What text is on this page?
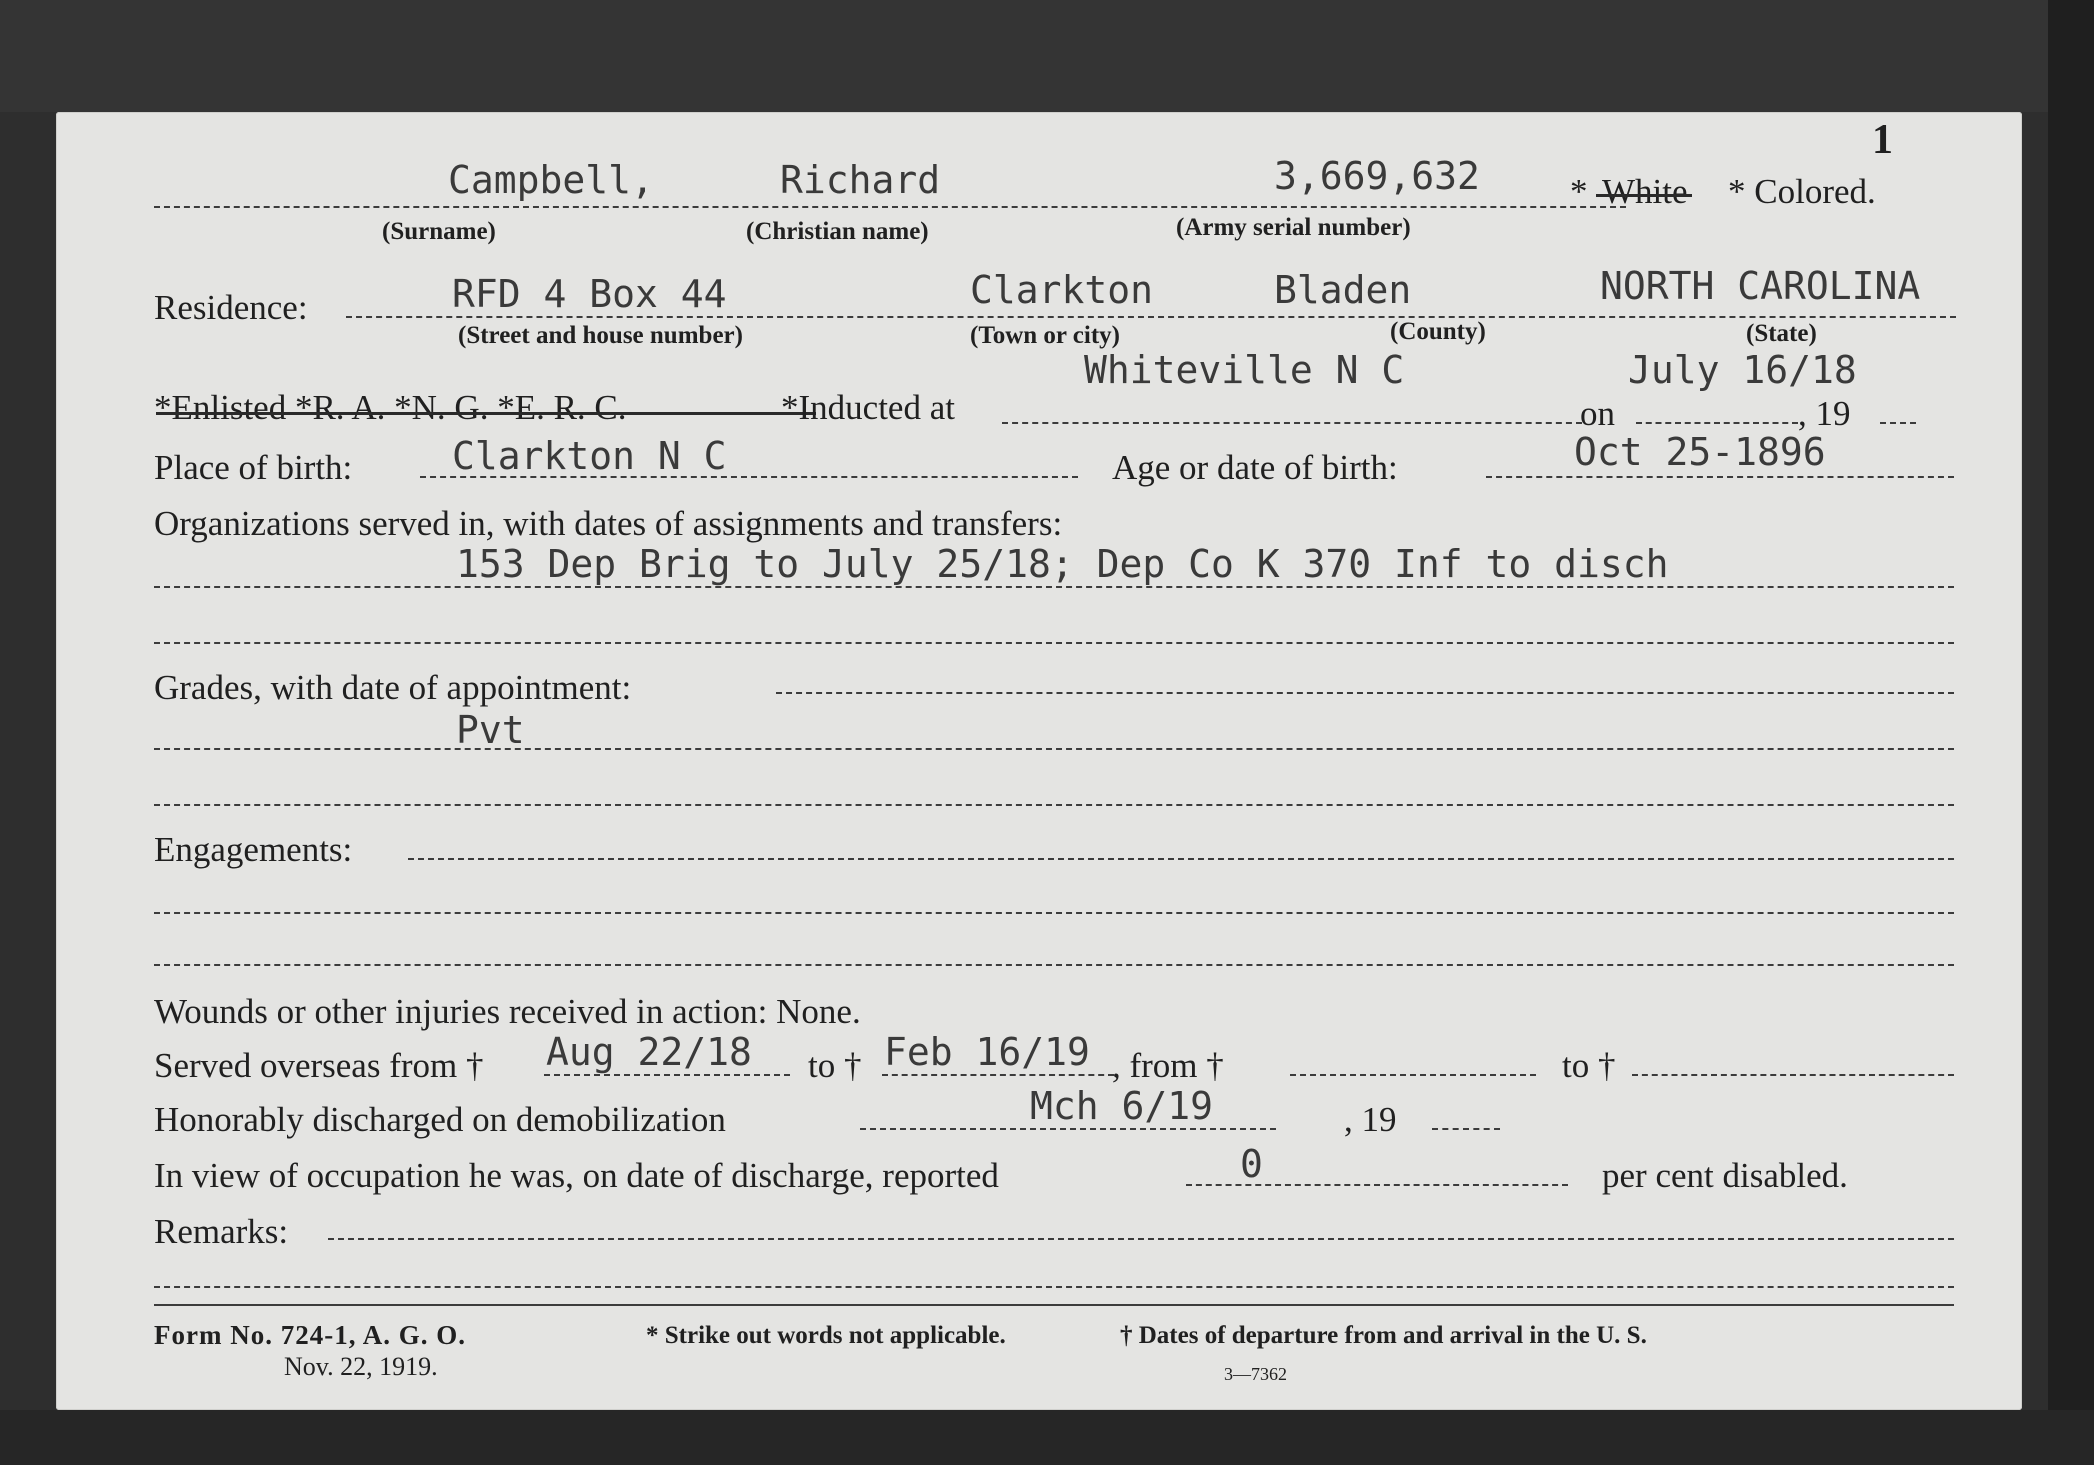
1
Campbell,	Richard	3,669,632	* White * Colored.
(Surname)	(Christian name)	(Army serial number)
Residence:	RFD 4 Box 44	Clarkton	Bladen	NORTH CAROLINA
(Street and house number)	(Town or city)	(County)	(State)
Whiteville N C	July 16/18
*Enlisted *R. A. *N. G. *E. R. C.	*Inducted at	on	, 19
Place of birth:	Clarkton N C	Age or date of birth:	Oct 25-1896
Organizations served in, with dates of assignments and transfers:
153 Dep Brig to July 25/18; Dep Co K 370 Inf to disch
Grades, with date of appointment:
Pvt
Engagements:
Wounds or other injuries received in action: None.
Served overseas from † Aug 22/18 to † Feb 16/19 , from †	to †
Honorably discharged on demobilization	Mch 6/19	, 19
In view of occupation he was, on date of discharge, reported	0	per cent disabled.
Remarks:
Form No. 724-1, A. G. O.
Nov. 22, 1919.
* Strike out words not applicable.	† Dates of departure from and arrival in the U. S.
3—7362
